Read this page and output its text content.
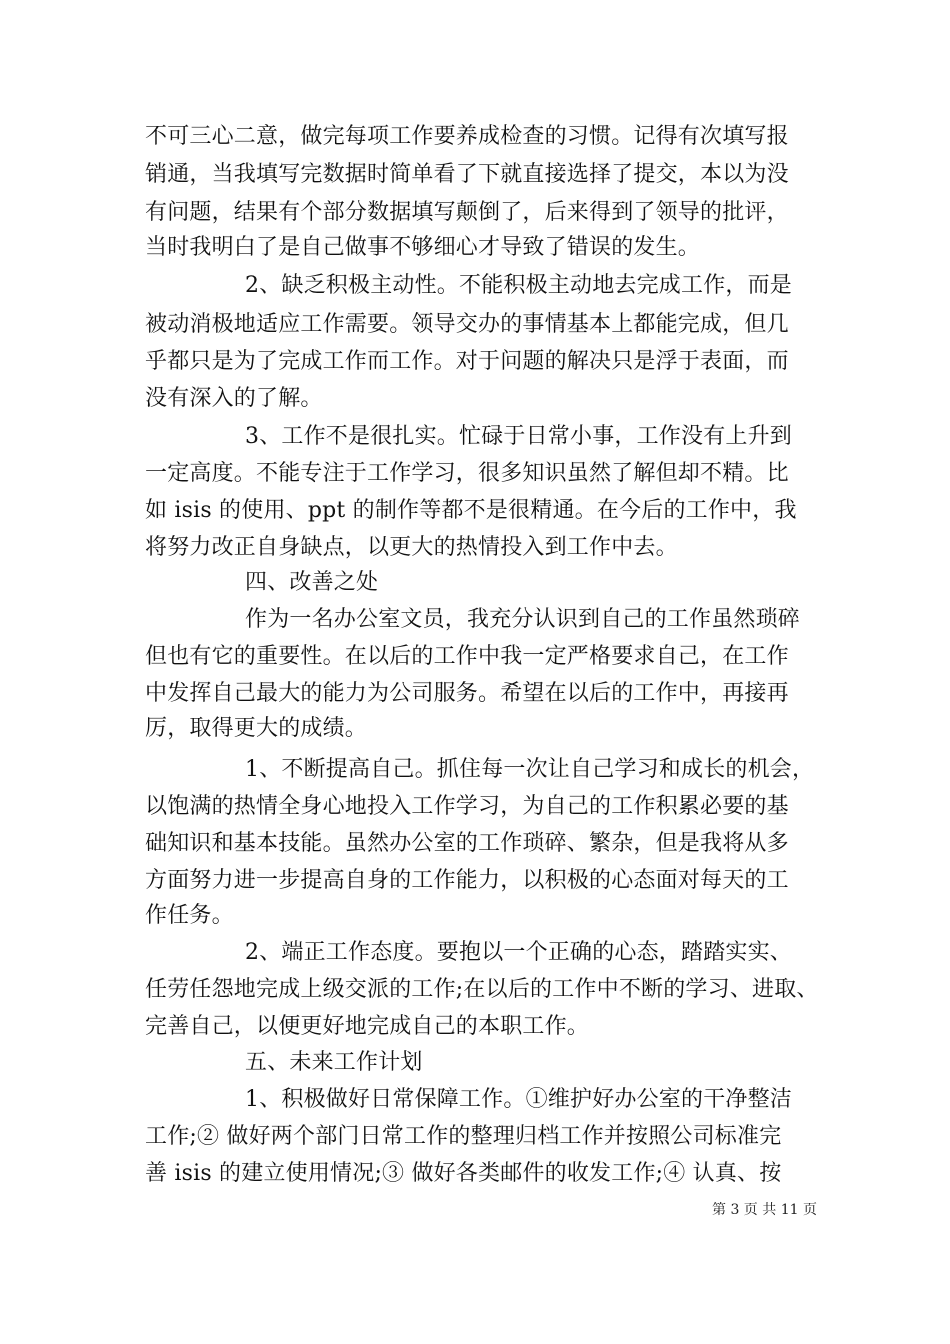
不可三心二意，做完每项工作要养成检查的习惯。记得有次填写报
销通，当我填写完数据时简单看了下就直接选择了提交，本以为没
有问题，结果有个部分数据填写颠倒了，后来得到了领导的批评，
当时我明白了是自己做事不够细心才导致了错误的发生。
2、缺乏积极主动性。不能积极主动地去完成工作，而是
被动消极地适应工作需要。领导交办的事情基本上都能完成，但几
乎都只是为了完成工作而工作。对于问题的解决只是浮于表面，而
没有深入的了解。
3、工作不是很扎实。忙碌于日常小事，工作没有上升到
一定高度。不能专注于工作学习，很多知识虽然了解但却不精。比
如 isis 的使用、ppt 的制作等都不是很精通。在今后的工作中，我
将努力改正自身缺点，以更大的热情投入到工作中去。
四、改善之处
作为一名办公室文员，我充分认识到自己的工作虽然琐碎
但也有它的重要性。在以后的工作中我一定严格要求自己，在工作
中发挥自己最大的能力为公司服务。希望在以后的工作中，再接再
厉，取得更大的成绩。
1、不断提高自己。抓住每一次让自己学习和成长的机会，
以饱满的热情全身心地投入工作学习，为自己的工作积累必要的基
础知识和基本技能。虽然办公室的工作琐碎、繁杂，但是我将从多
方面努力进一步提高自身的工作能力，以积极的心态面对每天的工
作任务。
2、端正工作态度。要抱以一个正确的心态，踏踏实实、
任劳任怨地完成上级交派的工作;在以后的工作中不断的学习、进取、
完善自己，以便更好地完成自己的本职工作。
五、未来工作计划
1、积极做好日常保障工作。①维护好办公室的干净整洁
工作;② 做好两个部门日常工作的整理归档工作并按照公司标准完
善 isis 的建立使用情况;③ 做好各类邮件的收发工作;④ 认真、按
第 3 页 共 11 页
